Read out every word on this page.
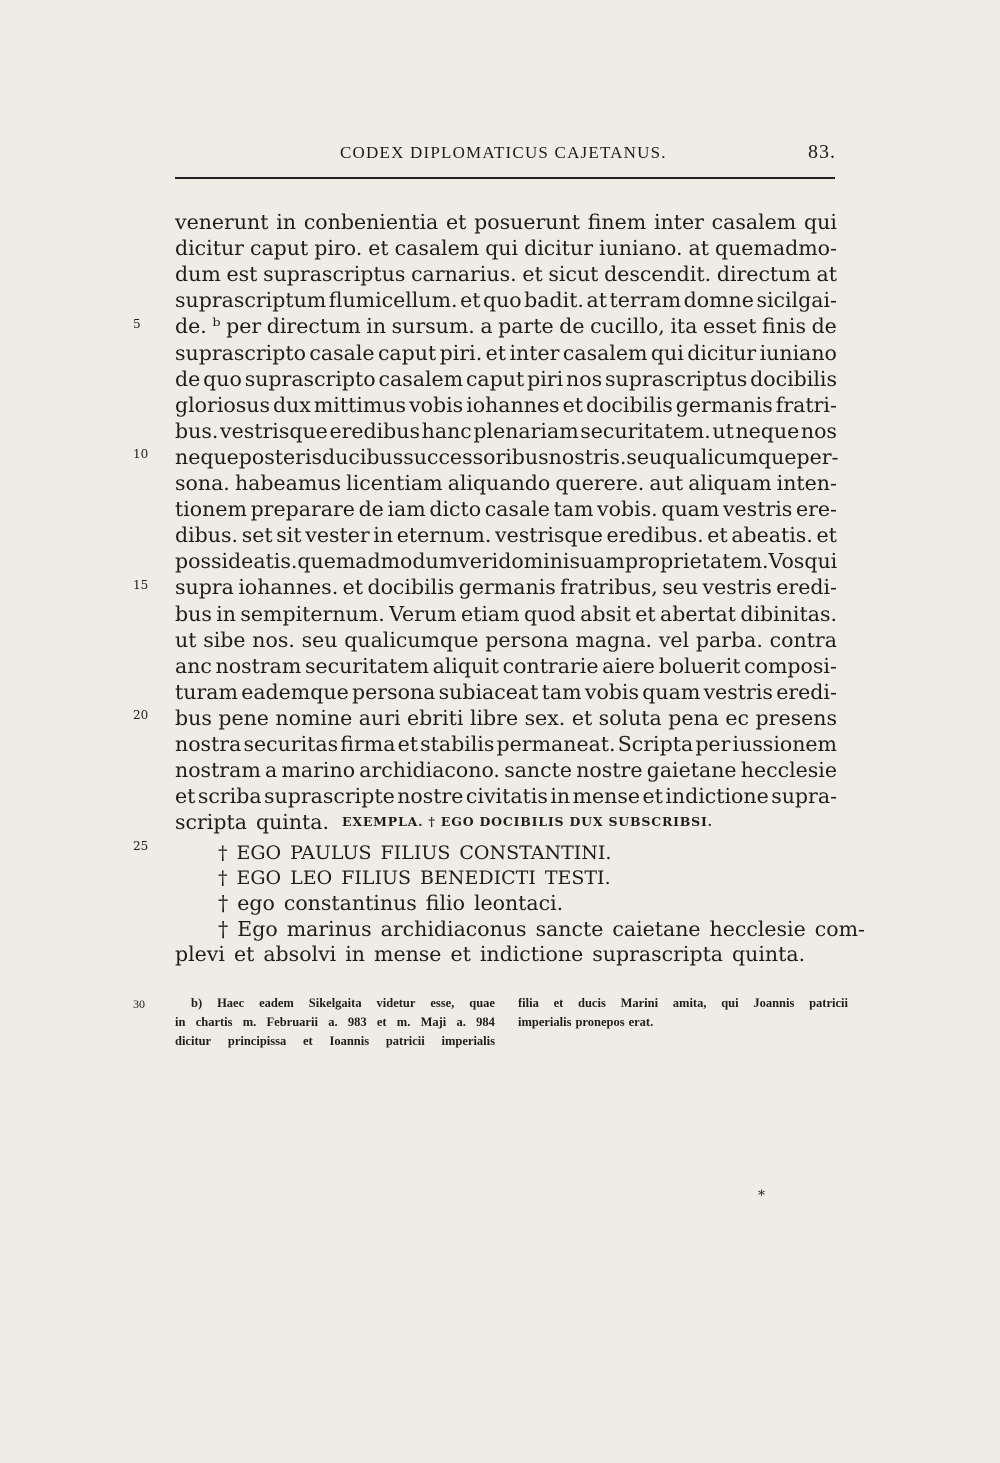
CODEX DIPLOMATICUS CAJETANUS.	83.
venerunt in conbenientia et posuerunt finem inter casalem qui
dicitur caput piro. et casalem qui dicitur iuniano. at quemadmo-
dum est suprascriptus carnarius. et sicut descendit. directum at
suprascriptum flumicellum. et quo badit. at terram domne sicilgai-
de. ᵇ per directum in sursum. a parte de cucillo, ita esset finis de
suprascripto casale caput piri. et inter casalem qui dicitur iuniano
de quo suprascripto casalem caput piri nos suprascriptus docibilis
gloriosus dux mittimus vobis iohannes et docibilis germanis fratri-
bus. vestrisque eredibus hanc plenariam securitatem. ut neque nos
neque posteris ducibus successoribus nostris. seu qualicumque per-
sona. habeamus licentiam aliquando querere. aut aliquam inten-
tionem preparare de iam dicto casale tam vobis. quam vestris ere-
dibus. set sit vester in eternum. vestrisque eredibus. et abeatis. et
possideatis. quemadmodum veri domini suam proprietatem. Vos qui
supra iohannes. et docibilis germanis fratribus, seu vestris eredi-
bus in sempiternum. Verum etiam quod absit et abertat dibinitas.
ut sibe nos. seu qualicumque persona magna. vel parba. contra
anc nostram securitatem aliquit contrarie aiere boluerit composi-
turam eademque persona subiaceat tam vobis quam vestris eredi-
bus pene nomine auri ebriti libre sex. et soluta pena ec presens
nostra securitas firma et stabilis permaneat. Scripta per iussionem
nostram a marino archidiacono. sancte nostre gaietane hecclesie
et scriba suprascripte nostre civitatis in mense et indictione supra-
scripta quinta. EXEMPLA. † EGO DOCIBILIS DUX SUBSCRIBSI.
† EGO PAULUS FILIUS CONSTANTINI.
† EGO LEO FILIUS BENEDICTI TESTI.
† ego constantinus filio leontaci.
† Ego marinus archidiaconus sancte caietane hecclesie com-
plevi et absolvi in mense et indictione suprascripta quinta.
5
10
15
20
25
30	b) Haec eadem Sikelgaita videtur esse, quae
in chartis m. Februarii a. 983 et m. Maji a. 984
dicitur principissa et Ioannis patricii imperialis
filia et ducis Marini amita, qui Joannis patricii
imperialis pronepos erat.
*
